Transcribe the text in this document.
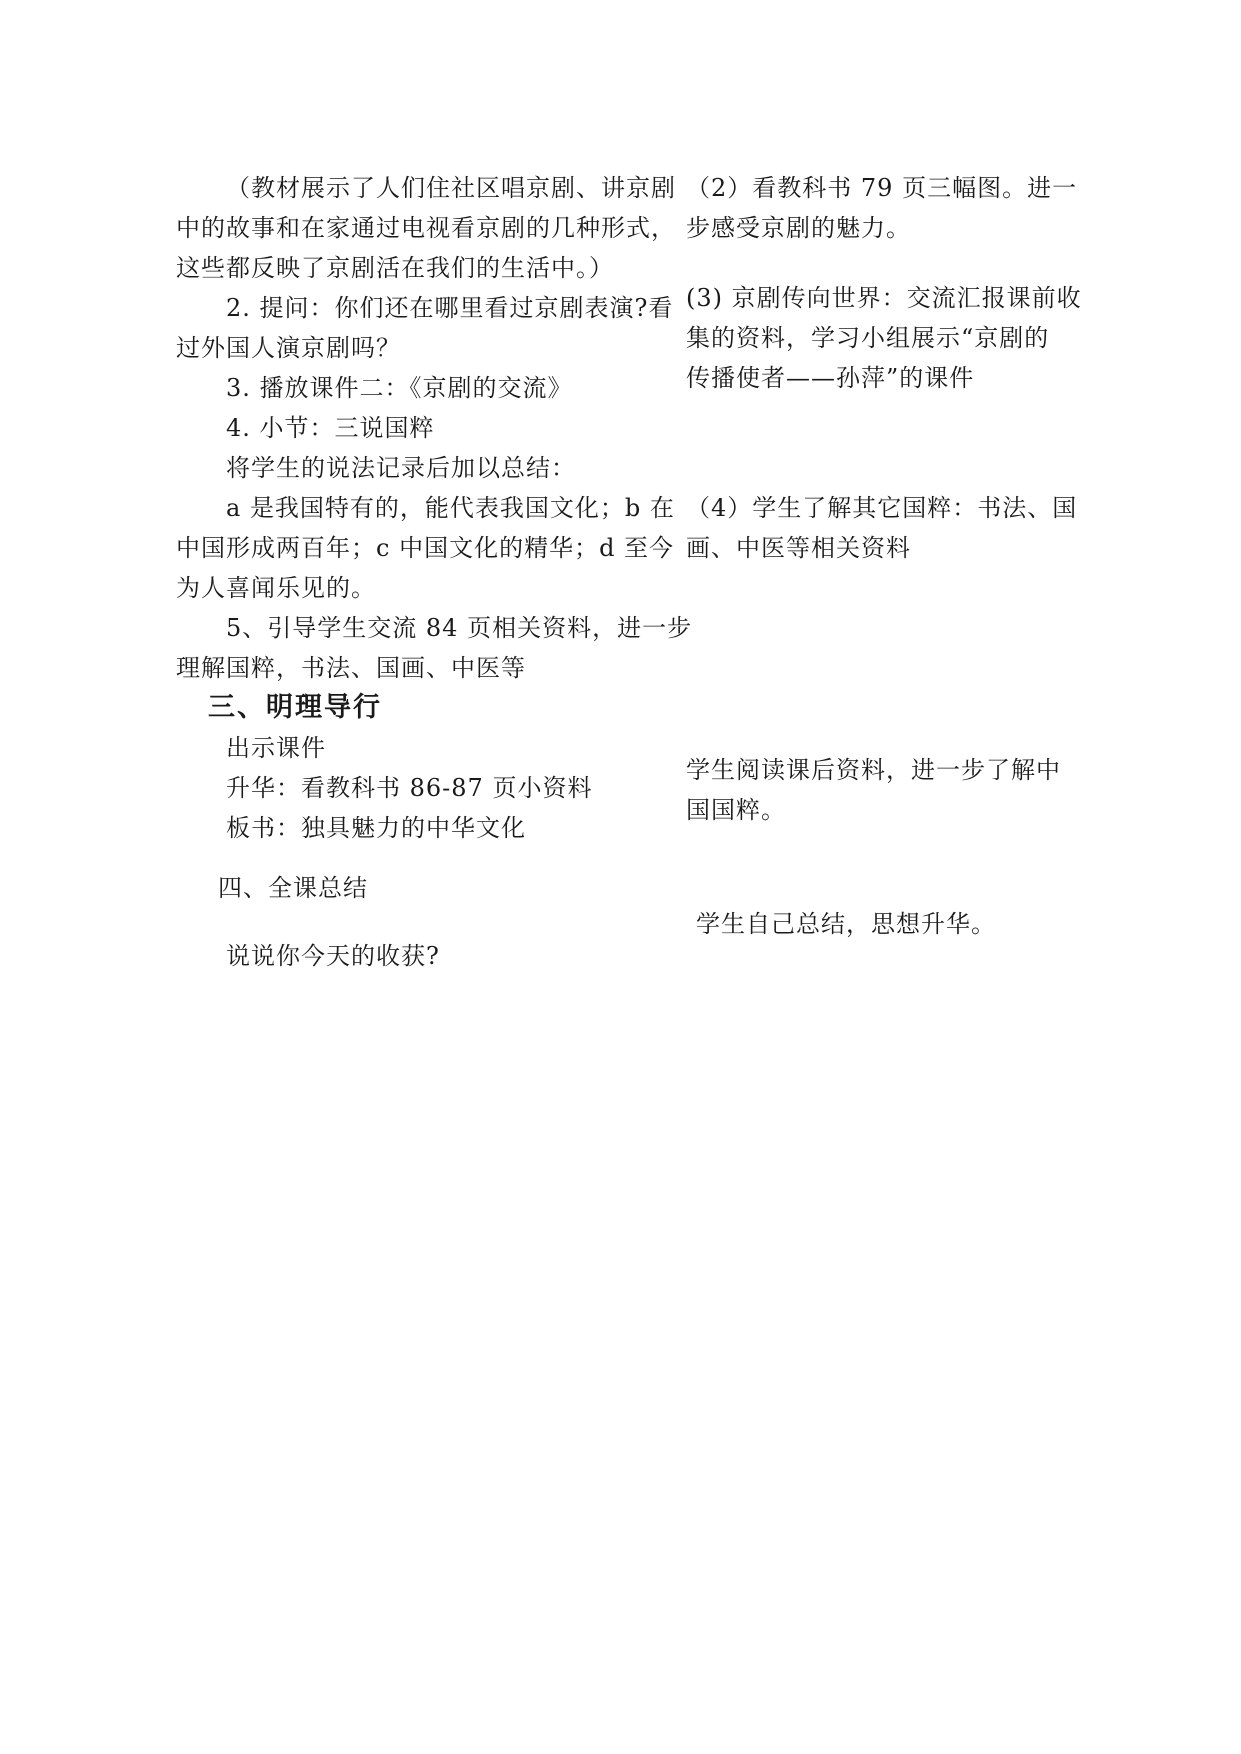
（教材展示了人们住社区唱京剧、讲京剧
中的故事和在家通过电视看京剧的几种形式，
这些都反映了京剧活在我们的生活中。）
2. 提问：你们还在哪里看过京剧表演?看
过外国人演京剧吗？
3. 播放课件二：《京剧的交流》
4. 小节：三说国粹
将学生的说法记录后加以总结：
a 是我国特有的，能代表我国文化；b 在
中国形成两百年；c 中国文化的精华；d 至今
为人喜闻乐见的。
5、引导学生交流 84 页相关资料，进一步
理解国粹，书法、国画、中医等
三、明理导行
出示课件
升华：看教科书 86-87 页小资料
板书：独具魅力的中华文化
四、全课总结
说说你今天的收获?
（2）看教科书 79 页三幅图。进一
步感受京剧的魅力。
(3) 京剧传向世界：交流汇报课前收
集的资料，学习小组展示“京剧的
传播使者——孙萍”的课件
（4）学生了解其它国粹：书法、国
画、中医等相关资料
学生阅读课后资料，进一步了解中
国国粹。
学生自己总结，思想升华。
